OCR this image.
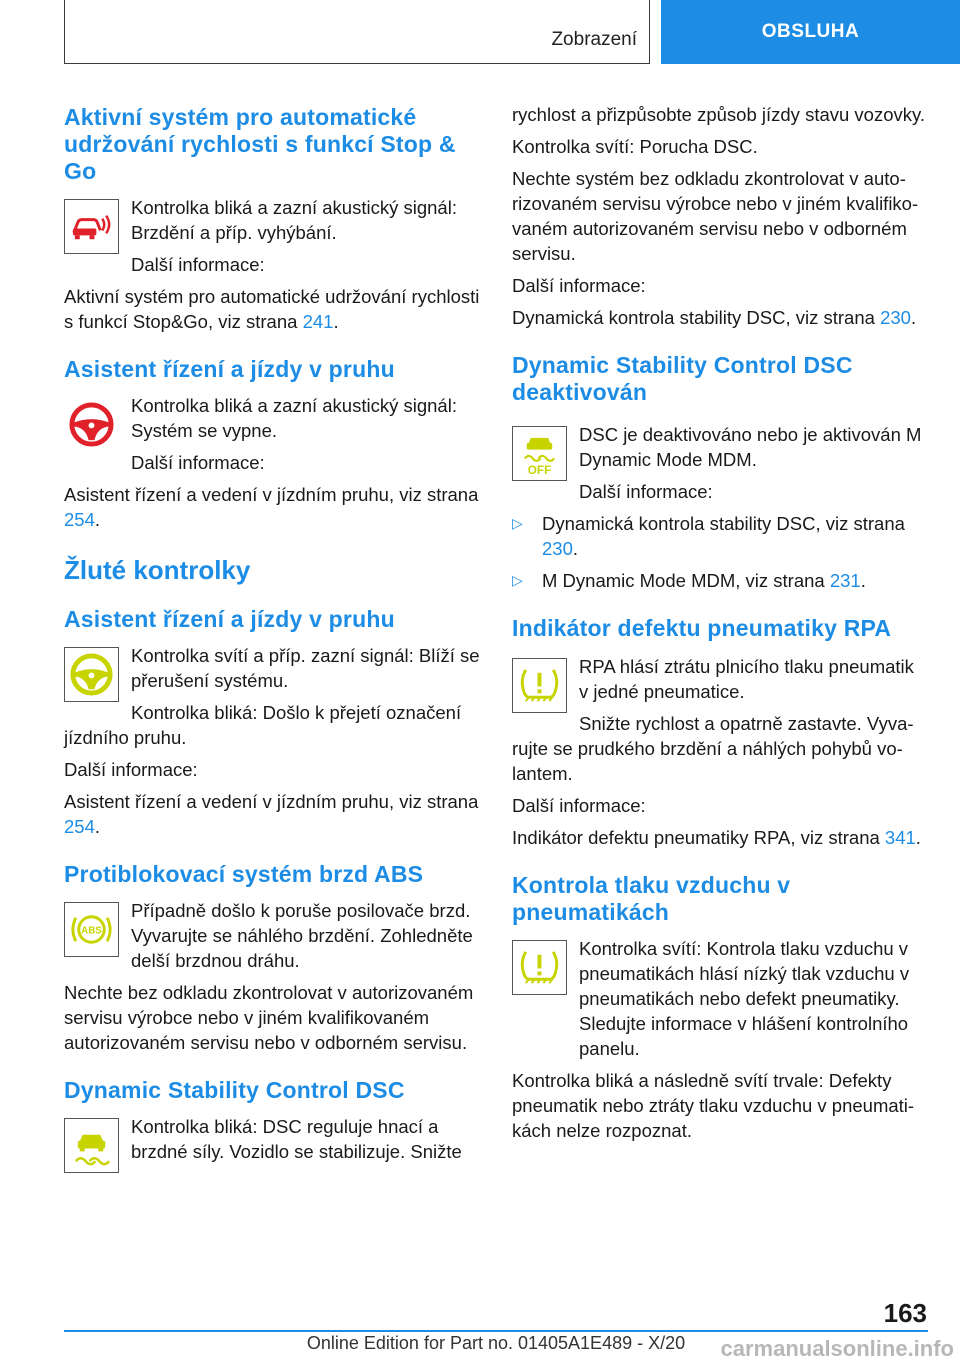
Zobrazení	OBSLUHA
Aktivní systém pro automatické udržování rychlosti s funkcí Stop & Go

Kontrolka bliká a zazní akustický signál: Brzdění a příp. vyhýbání.

Další informace:

Aktivní systém pro automatické udržování rychlosti s funkcí Stop&Go, viz strana 241.

Asistent řízení a jízdy v pruhu

Kontrolka bliká a zazní akustický signál: Systém se vypne.

Další informace:

Asistent řízení a vedení v jízdním pruhu, viz strana 254.

Žluté kontrolky
Asistent řízení a jízdy v pruhu

Kontrolka svítí a příp. zazní signál: Blíží se přerušení systému.

Kontrolka bliká: Došlo k přejetí označení jízdního pruhu.

Další informace:

Asistent řízení a vedení v jízdním pruhu, viz strana 254.

Protiblokovací systém brzd ABS
ABS

Případně došlo k poruše posilovače brzd. Vyvarujte se náhlého brzdění. Zohledněte delší brzdnou dráhu.

Nechte bez odkladu zkontrolovat v autorizovaném servisu výrobce nebo v jiném kvalifikovaném autorizovaném servisu nebo v odborném servisu.

Dynamic Stability Control DSC

Kontrolka bliká: DSC reguluje hnací a brzdné síly. Vozidlo se stabilizuje. Snižte

rychlost a přizpůsobte způsob jízdy stavu vozovky.

Kontrolka svítí: Porucha DSC.

Nechte systém bez odkladu zkontrolovat v autorizovaném servisu výrobce nebo v jiném kvalifikovaném autorizovaném servisu nebo v odborném servisu.

Další informace:

Dynamická kontrola stability DSC, viz strana 230.

Dynamic Stability Control DSC deaktivován
OFF

DSC je deaktivováno nebo je aktivován M Dynamic Mode MDM.

Další informace:

▷ Dynamická kontrola stability DSC, viz strana 230.
▷ M Dynamic Mode MDM, viz strana 231.
Indikátor defektu pneumatiky RPA

RPA hlásí ztrátu plnicího tlaku pneumatik v jedné pneumatice.

Snižte rychlost a opatrně zastavte. Vyvarujte se prudkého brzdění a náhlých pohybů volantem.

Další informace:

Indikátor defektu pneumatiky RPA, viz strana 341.

Kontrola tlaku vzduchu v pneumatikách

Kontrolka svítí: Kontrola tlaku vzduchu v pneumatikách hlásí nízký tlak vzduchu v pneumatikách nebo defekt pneumatiky. Sledujte informace v hlášení kontrolního panelu.

Kontrolka bliká a následně svítí trvale: Defekty pneumatik nebo ztráty tlaku vzduchu v pneumatikách nelze rozpoznat.

163
Online Edition for Part no. 01405A1E489 - X/20	carmanualsonline.info
